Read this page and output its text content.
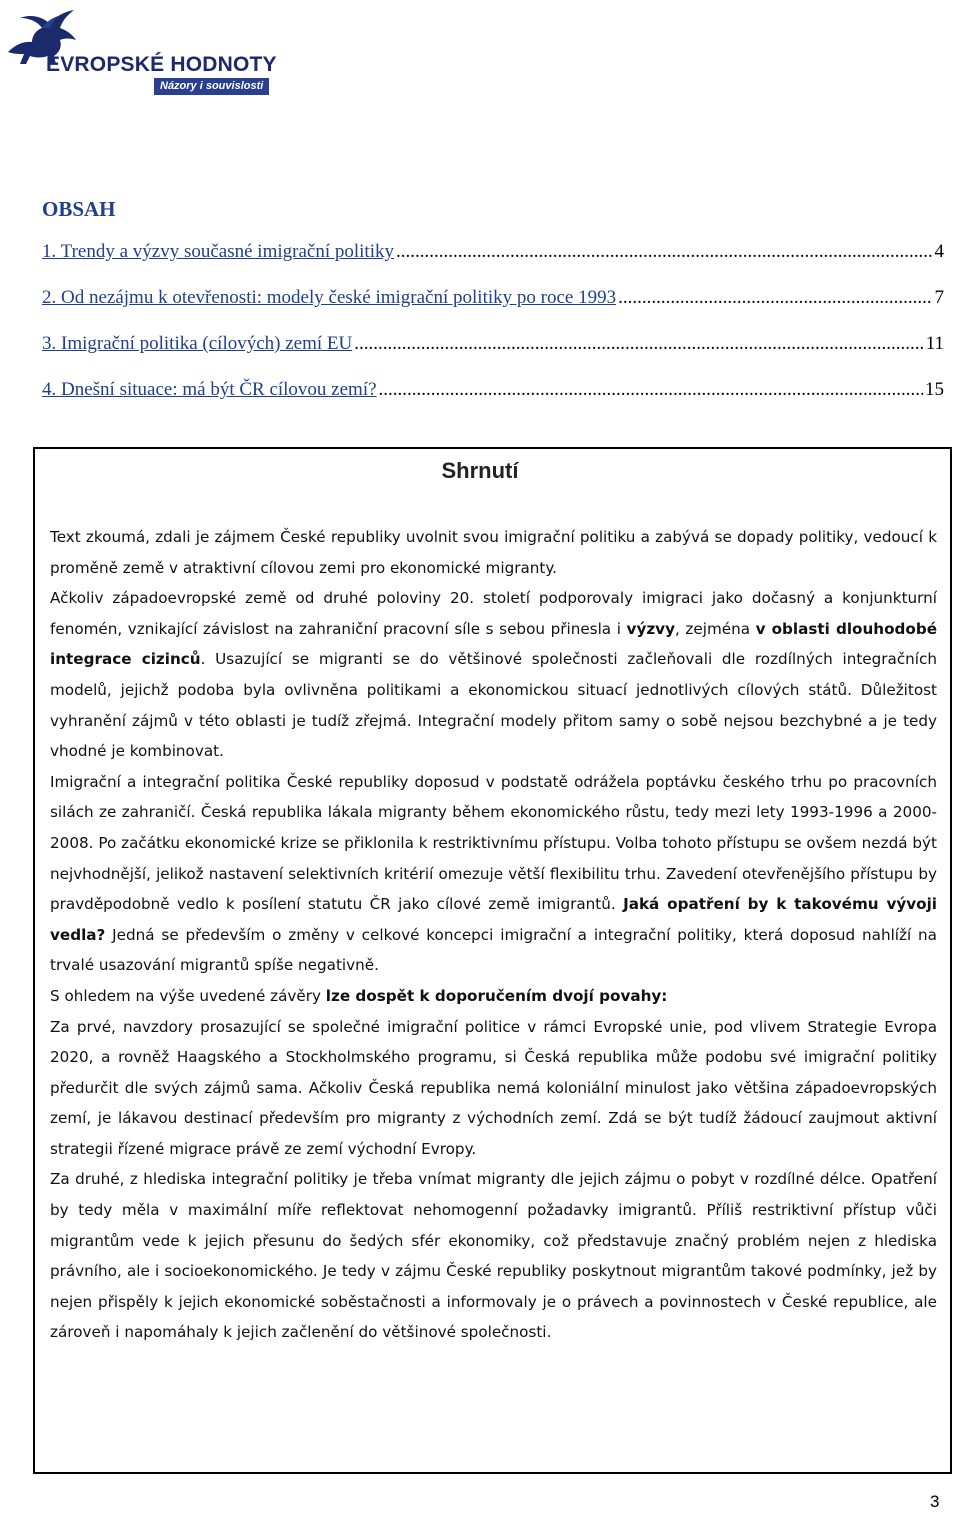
EVROPSKÉ HODNOTY
Názory i souvislosti
OBSAH
1. Trendy a výzvy současné imigrační politiky .....	4
2. Od nezájmu k otevřenosti: modely české imigrační politiky po roce 1993 .....	7
3. Imigrační politika (cílových) zemí EU .....	11
4. Dnešní situace: má být ČR cílovou zemí? .....	15
Shrnutí

Text zkoumá, zdali je zájmem České republiky uvolnit svou imigrační politiku a zabývá se dopady politiky, vedoucí k proměně země v atraktivní cílovou zemi pro ekonomické migranty.

Ačkoliv západoevropské země od druhé poloviny 20. století podporovaly imigraci jako dočasný a konjunkturní fenomén, vznikající závislost na zahraniční pracovní síle s sebou přinesla i výzvy, zejména v oblasti dlouhodobé integrace cizinců. Usazující se migranti se do většinové společnosti začleňovali dle rozdílných integračních modelů, jejichž podoba byla ovlivněna politikami a ekonomickou situací jednotlivých cílových států. Důležitost vyhranění zájmů v této oblasti je tudíž zřejmá. Integrační modely přitom samy o sobě nejsou bezchybné a je tedy vhodné je kombinovat.

Imigrační a integrační politika České republiky doposud v podstatě odrážela poptávku českého trhu po pracovních silách ze zahraničí. Česká republika lákala migranty během ekonomického růstu, tedy mezi lety 1993-1996 a 2000-2008. Po začátku ekonomické krize se přiklonila k restriktivnímu přístupu. Volba tohoto přístupu se ovšem nezdá být nejvhodnější, jelikož nastavení selektivních kritérií omezuje větší flexibilitu trhu. Zavedení otevřenějšího přístupu by pravděpodobně vedlo k posílení statutu ČR jako cílové země imigrantů. Jaká opatření by k takovému vývoji vedla? Jedná se především o změny v celkové koncepci imigrační a integrační politiky, která doposud nahlíží na trvalé usazování migrantů spíše negativně.

S ohledem na výše uvedené závěry lze dospět k doporučením dvojí povahy:

Za prvé, navzdory prosazující se společné imigrační politice v rámci Evropské unie, pod vlivem Strategie Evropa 2020, a rovněž Haagského a Stockholmského programu, si Česká republika může podobu své imigrační politiky předurčit dle svých zájmů sama. Ačkoliv Česká republika nemá koloniální minulost jako většina západoevropských zemí, je lákavou destinací především pro migranty z východních zemí. Zdá se být tudíž žádoucí zaujmout aktivní strategii řízené migrace právě ze zemí východní Evropy.

Za druhé, z hlediska integrační politiky je třeba vnímat migranty dle jejich zájmu o pobyt v rozdílné délce. Opatření by tedy měla v maximální míře reflektovat nehomogenní požadavky imigrantů. Příliš restriktivní přístup vůči migrantům vede k jejich přesunu do šedých sfér ekonomiky, což představuje značný problém nejen z hlediska právního, ale i socioekonomického. Je tedy v zájmu České republiky poskytnout migrantům takové podmínky, jež by nejen přispěly k jejich ekonomické soběstačnosti a informovaly je o právech a povinnostech v České republice, ale zároveň i napomáhaly k jejich začlenění do většinové společnosti.

3
